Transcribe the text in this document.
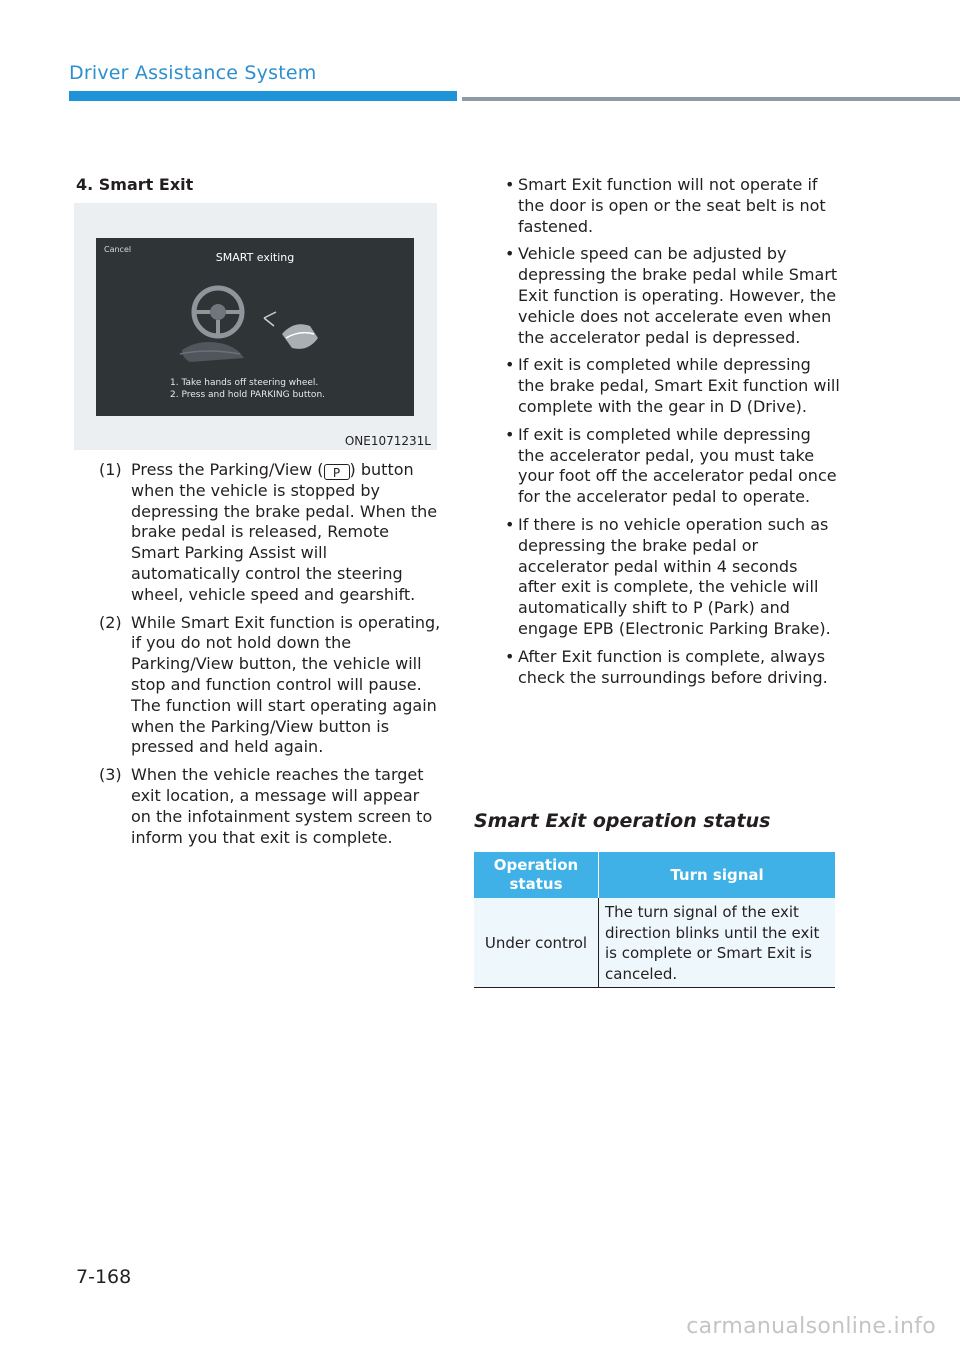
Driver Assistance System
4. Smart Exit
Cancel
SMART exiting
1. Take hands off steering wheel.
2. Press and hold PARKING button.
ONE1071231L
(1) Press the Parking/View ( P ) button when the vehicle is stopped by depressing the brake pedal. When the brake pedal is released, Remote Smart Parking Assist will automatically control the steering wheel, vehicle speed and gearshift.
(2) While Smart Exit function is operating, if you do not hold down the Parking/View button, the vehicle will stop and function control will pause. The function will start operating again when the Parking/View button is pressed and held again.
(3) When the vehicle reaches the target exit location, a message will appear on the infotainment system screen to inform you that exit is complete.
• Smart Exit function will not operate if the door is open or the seat belt is not fastened.
• Vehicle speed can be adjusted by depressing the brake pedal while Smart Exit function is operating. However, the vehicle does not accelerate even when the accelerator pedal is depressed.
• If exit is completed while depressing the brake pedal, Smart Exit function will complete with the gear in D (Drive).
• If exit is completed while depressing the accelerator pedal, you must take your foot off the accelerator pedal once for the accelerator pedal to operate.
• If there is no vehicle operation such as depressing the brake pedal or accelerator pedal within 4 seconds after exit is complete, the vehicle will automatically shift to P (Park) and engage EPB (Electronic Parking Brake).
• After Exit function is complete, always check the surroundings before driving.
Smart Exit operation status
Operation status	Turn signal
Under control	The turn signal of the exit direction blinks until the exit is complete or Smart Exit is canceled.
7-168
carmanualsonline.info
